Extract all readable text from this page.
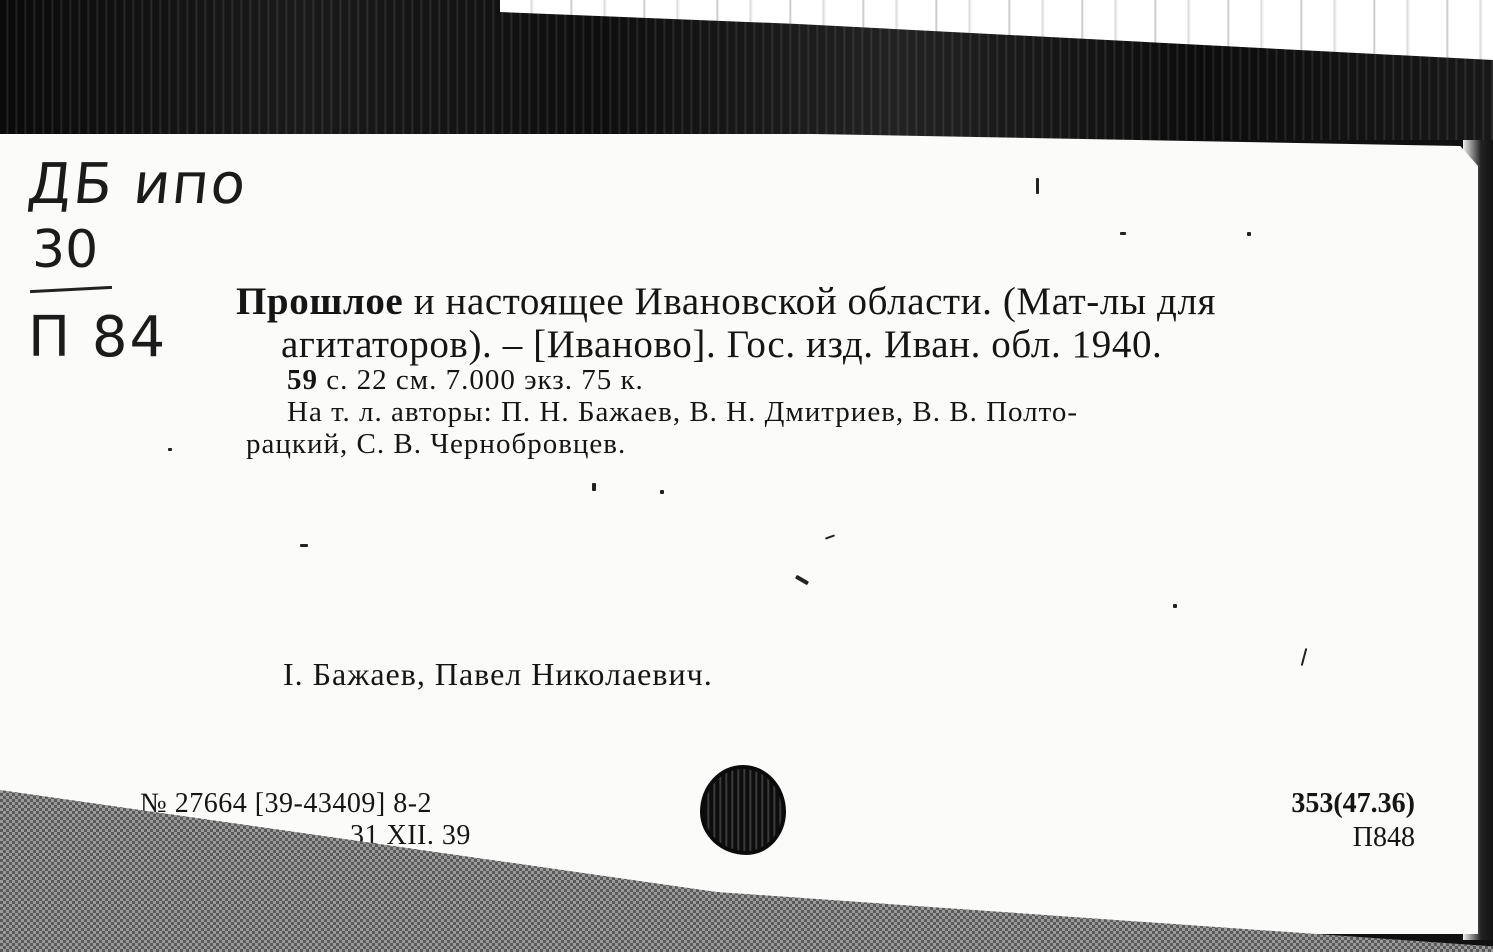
ДБ ипо
30
П 84
Прошлое и настоящее Ивановской области. (Мат-лы для
агитаторов). – [Иваново]. Гос. изд. Иван. обл. 1940.
59 с. 22 см. 7.000 экз. 75 к.
На т. л. авторы: П. Н. Бажаев, В. Н. Дмитриев, В. В. Полто-
рацкий, С. В. Чернобровцев.
I. Бажаев, Павел Николаевич.
№ 27664 [39-43409] 8-2
31 XII. 39
353(47.36)
П848
